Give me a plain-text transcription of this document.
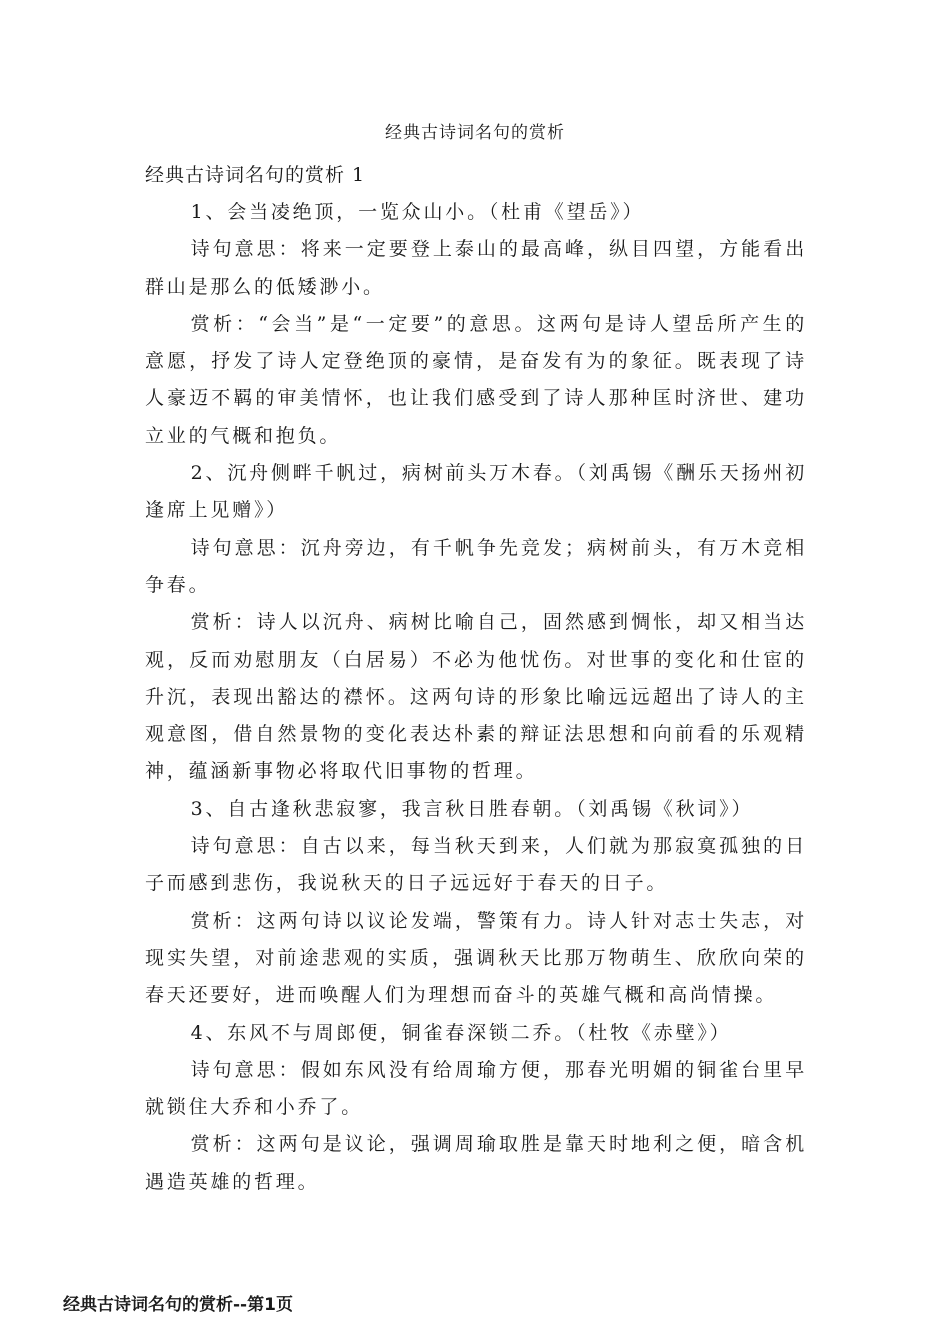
经典古诗词名句的赏析
经典古诗词名句的赏析 1

1、会当凌绝顶，一览众山小。（杜甫《望岳》）

诗句意思：将来一定要登上泰山的最高峰，纵目四望，方能看出群山是那么的低矮渺小。

赏析：“会当”是“一定要”的意思。这两句是诗人望岳所产生的意愿，抒发了诗人定登绝顶的豪情，是奋发有为的象征。既表现了诗人豪迈不羁的审美情怀，也让我们感受到了诗人那种匡时济世、建功立业的气概和抱负。

2、沉舟侧畔千帆过，病树前头万木春。（刘禹锡《酬乐天扬州初逢席上见赠》）

诗句意思：沉舟旁边，有千帆争先竞发；病树前头，有万木竞相争春。

赏析：诗人以沉舟、病树比喻自己，固然感到惆怅，却又相当达观，反而劝慰朋友（白居易）不必为他忧伤。对世事的变化和仕宦的升沉，表现出豁达的襟怀。这两句诗的形象比喻远远超出了诗人的主观意图，借自然景物的变化表达朴素的辩证法思想和向前看的乐观精神，蕴涵新事物必将取代旧事物的哲理。

3、自古逢秋悲寂寥，我言秋日胜春朝。（刘禹锡《秋词》）

诗句意思：自古以来，每当秋天到来，人们就为那寂寞孤独的日子而感到悲伤，我说秋天的日子远远好于春天的日子。

赏析：这两句诗以议论发端，警策有力。诗人针对志士失志，对现实失望，对前途悲观的实质，强调秋天比那万物萌生、欣欣向荣的春天还要好，进而唤醒人们为理想而奋斗的英雄气概和高尚情操。

4、东风不与周郎便，铜雀春深锁二乔。（杜牧《赤壁》）

诗句意思：假如东风没有给周瑜方便，那春光明媚的铜雀台里早就锁住大乔和小乔了。

赏析：这两句是议论，强调周瑜取胜是靠天时地利之便，暗含机遇造英雄的哲理。

经典古诗词名句的赏析--第1页
